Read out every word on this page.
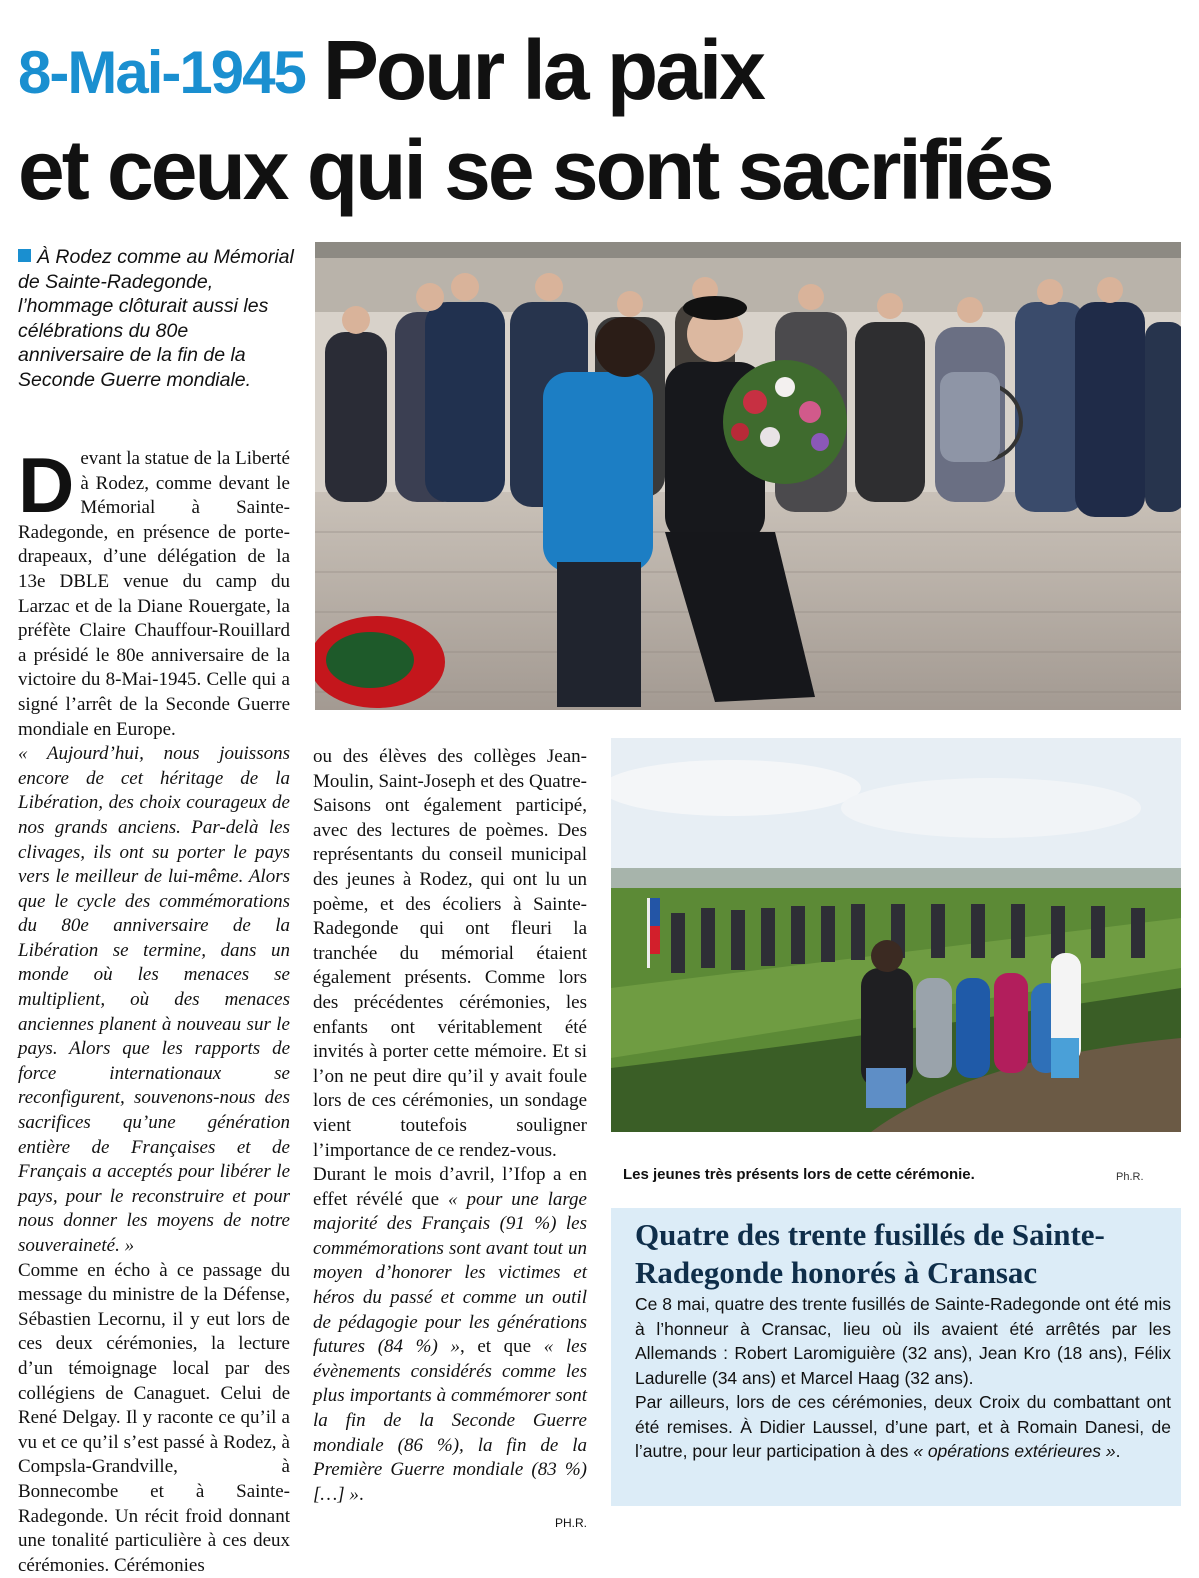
8-Mai-1945 Pour la paix
et ceux qui se sont sacrifiés
À Rodez comme au Mémorial de Sainte-Radegonde, l’hommage clôturait aussi les célébrations du 80e anniversaire de la fin de la Seconde Guerre mondiale.

Devant la statue de la Liberté à Rodez, comme devant le Mémorial à Sainte-Radegonde, en présence de porte-drapeaux, d’une délégation de la 13e DBLE venue du camp du Larzac et de la Diane Rouergate, la préfète Claire Chauffour-Rouillard a présidé le 80e anniversaire de la victoire du 8-Mai-1945. Celle qui a signé l’arrêt de la Seconde Guerre mondiale en Europe.

« Aujourd’hui, nous jouissons encore de cet héritage de la Libération, des choix courageux de nos grands anciens. Par-delà les clivages, ils ont su porter le pays vers le meilleur de lui-même. Alors que le cycle des commémorations du 80e anniversaire de la Libération se termine, dans un monde où les menaces se multiplient, où des menaces anciennes planent à nouveau sur le pays. Alors que les rapports de force internationaux se reconfigurent, souvenons-nous des sacrifices qu’une génération entière de Françaises et de Français a acceptés pour libérer le pays, pour le reconstruire et pour nous donner les moyens de notre souveraineté. »

Comme en écho à ce passage du message du ministre de la Défense, Sébastien Lecornu, il y eut lors de ces deux cérémonies, la lecture d’un témoignage local par des collégiens de Canaguet. Celui de René Delgay. Il y raconte ce qu’il a vu et ce qu’il s’est passé à Rodez, à Compsla-Grandville, à Bonnecombe et à Sainte-Radegonde. Un récit froid donnant une tonalité particulière à ces deux cérémonies. Cérémonies

ou des élèves des collèges Jean-Moulin, Saint-Joseph et des Quatre-Saisons ont également participé, avec des lectures de poèmes. Des représentants du conseil municipal des jeunes à Rodez, qui ont lu un poème, et des écoliers à Sainte-Radegonde qui ont fleuri la tranchée du mémorial étaient également présents. Comme lors des précédentes cérémonies, les enfants ont véritablement été invités à porter cette mémoire. Et si l’on ne peut dire qu’il y avait foule lors de ces cérémonies, un sondage vient toutefois souligner l’importance de ce rendez-vous.

Durant le mois d’avril, l’Ifop a en effet révélé que « pour une large majorité des Français (91 %) les commémorations sont avant tout un moyen d’honorer les victimes et héros du passé et comme un outil de pédagogie pour les générations futures (84 %) », et que « les évènements considérés comme les plus importants à commémorer sont la fin de la Seconde Guerre mondiale (86 %), la fin de la Première Guerre mondiale (83 %) […] ».

PH.R.
Les jeunes très présents lors de cette cérémonie.	Ph.R.
Quatre des trente fusillés de Sainte-Radegonde honorés à Cransac

Ce 8 mai, quatre des trente fusillés de Sainte-Radegonde ont été mis à l’honneur à Cransac, lieu où ils avaient été arrêtés par les Allemands : Robert Laromiguière (32 ans), Jean Kro (18 ans), Félix Ladurelle (34 ans) et Marcel Haag (32 ans).

Par ailleurs, lors de ces cérémonies, deux Croix du combattant ont été remises. À Didier Laussel, d’une part, et à Romain Danesi, de l’autre, pour leur participation à des « opérations extérieures ».
